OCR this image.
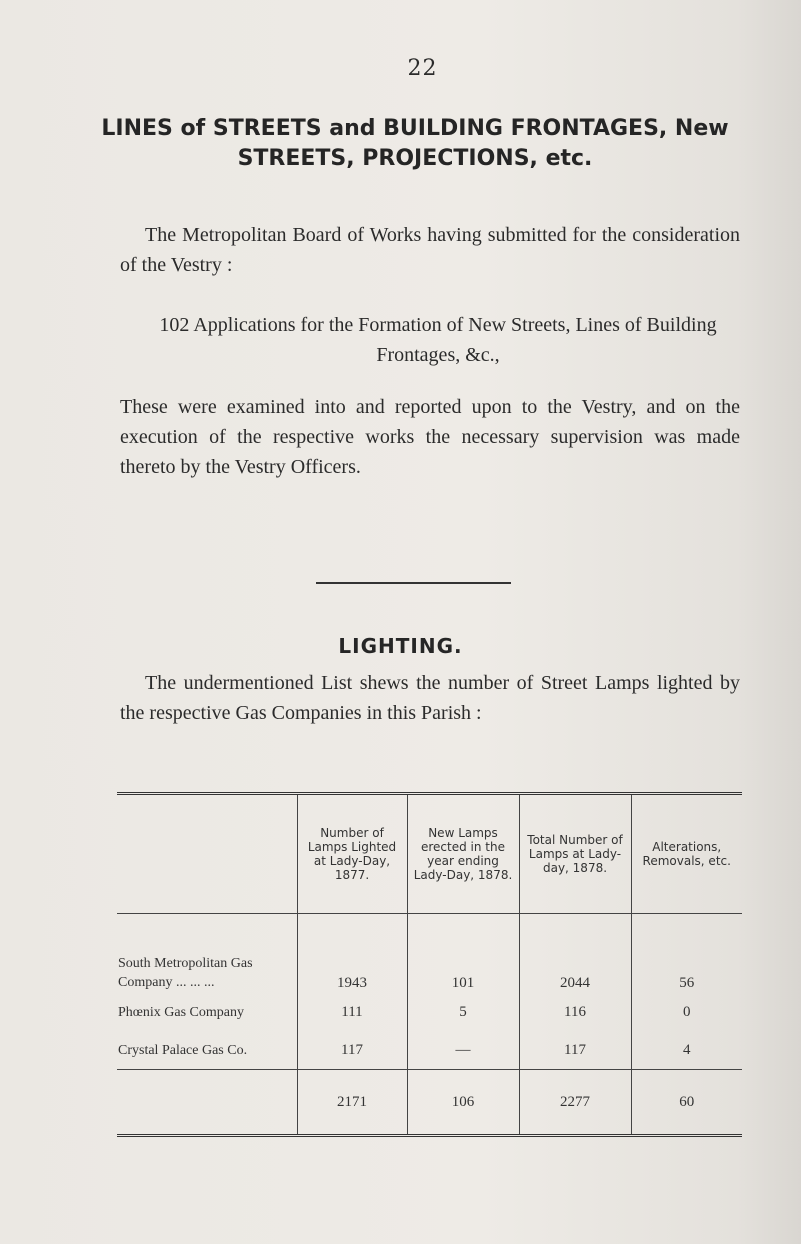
22
LINES of STREETS and BUILDING FRONTAGES, New STREETS, PROJECTIONS, etc.
The Metropolitan Board of Works having submitted for the consideration of the Vestry :
102 Applications for the Formation of New Streets, Lines of Building Frontages, &c.,
These were examined into and reported upon to the Vestry, and on the execution of the respective works the necessary supervision was made thereto by the Vestry Officers.
LIGHTING.
The undermentioned List shews the number of Street Lamps lighted by the respective Gas Companies in this Parish :
	Number of Lamps Lighted at Lady-Day, 1877.	New Lamps erected in the year ending Lady-Day, 1878.	Total Number of Lamps at Lady-day, 1878.	Alterations, Removals, etc.
South Metropolitan Gas Company ... ... ...	1943	101	2044	56
Phœnix Gas Company	111	5	116	0
Crystal Palace Gas Co.	117	—	117	4
	2171	106	2277	60
